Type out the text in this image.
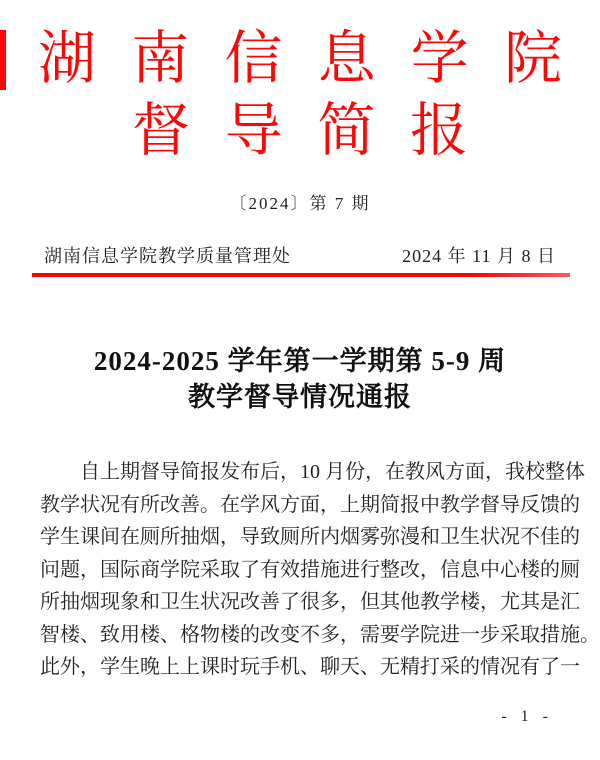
湖南信息学院
督导简报
〔2024〕第 7 期
湖南信息学院教学质量管理处	2024 年 11 月 8 日
2024-2025 学年第一学期第 5-9 周
教学督导情况通报
自上期督导简报发布后，10 月份，在教风方面，我校整体
教学状况有所改善。在学风方面，上期简报中教学督导反馈的
学生课间在厕所抽烟，导致厕所内烟雾弥漫和卫生状况不佳的
问题，国际商学院采取了有效措施进行整改，信息中心楼的厕
所抽烟现象和卫生状况改善了很多，但其他教学楼，尤其是汇
智楼、致用楼、格物楼的改变不多，需要学院进一步采取措施。
此外，学生晚上上课时玩手机、聊天、无精打采的情况有了一
- 1 -
